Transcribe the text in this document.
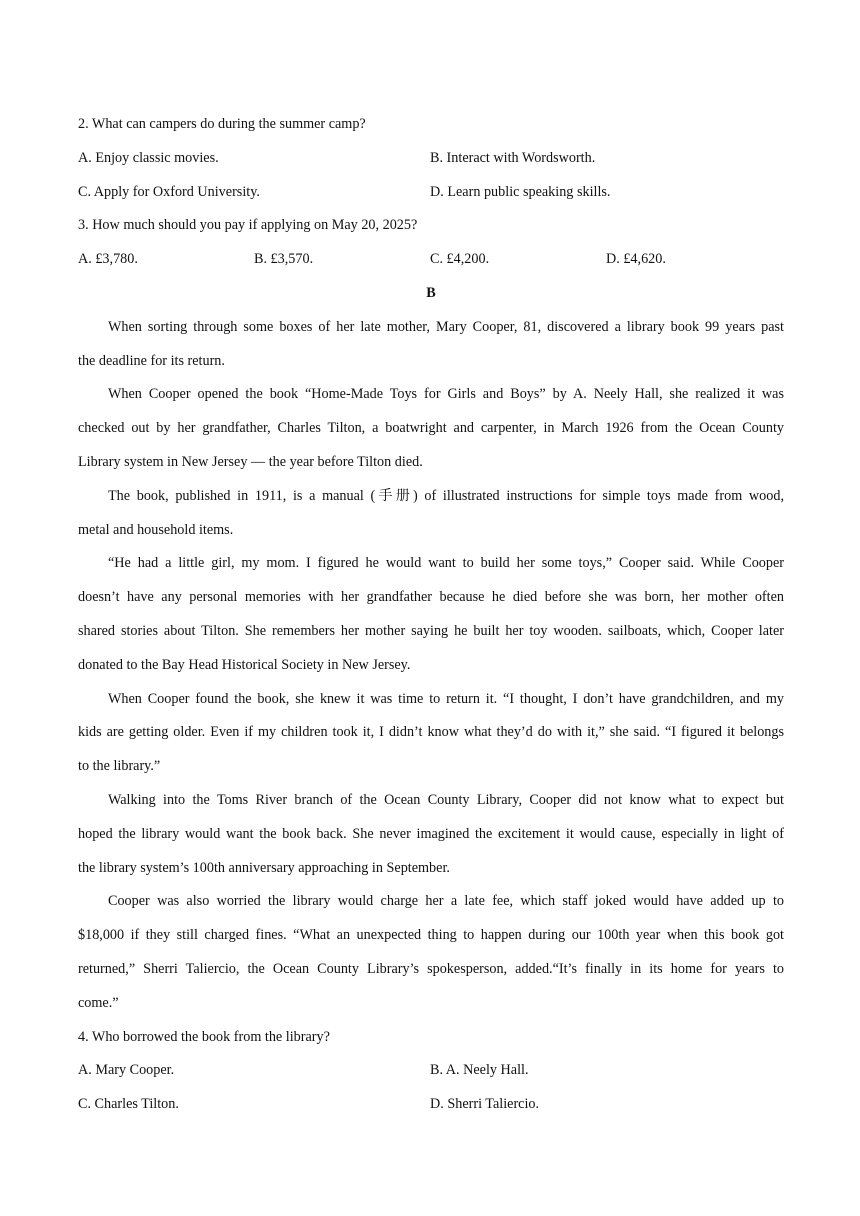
2. What can campers do during the summer camp?
A. Enjoy classic movies.	B. Interact with Wordsworth.
C. Apply for Oxford University.	D. Learn public speaking skills.
3. How much should you pay if applying on May 20, 2025?
A. £3,780.	B. £3,570.	C. £4,200.	D. £4,620.
B
When sorting through some boxes of her late mother, Mary Cooper, 81, discovered a library book 99 years past
the deadline for its return.
When Cooper opened the book “Home-Made Toys for Girls and Boys” by A. Neely Hall, she realized it was
checked out by her grandfather, Charles Tilton, a boatwright and carpenter, in March 1926 from the Ocean County
Library system in New Jersey — the year before Tilton died.
The book, published in 1911, is a manual (手册) of illustrated instructions for simple toys made from wood,
metal and household items.
“He had a little girl, my mom. I figured he would want to build her some toys,” Cooper said. While Cooper
doesn’t have any personal memories with her grandfather because he died before she was born, her mother often
shared stories about Tilton. She remembers her mother saying he built her toy wooden. sailboats, which, Cooper later
donated to the Bay Head Historical Society in New Jersey.
When Cooper found the book, she knew it was time to return it. “I thought, I don’t have grandchildren, and my
kids are getting older. Even if my children took it, I didn’t know what they’d do with it,” she said. “I figured it belongs
to the library.”
Walking into the Toms River branch of the Ocean County Library, Cooper did not know what to expect but
hoped the library would want the book back. She never imagined the excitement it would cause, especially in light of
the library system’s 100th anniversary approaching in September.
Cooper was also worried the library would charge her a late fee, which staff joked would have added up to
$18,000 if they still charged fines. “What an unexpected thing to happen during our 100th year when this book got
returned,” Sherri Taliercio, the Ocean County Library’s spokesperson, added.“It’s finally in its home for years to
come.”
4. Who borrowed the book from the library?
A. Mary Cooper.	B. A. Neely Hall.
C. Charles Tilton.	D. Sherri Taliercio.
